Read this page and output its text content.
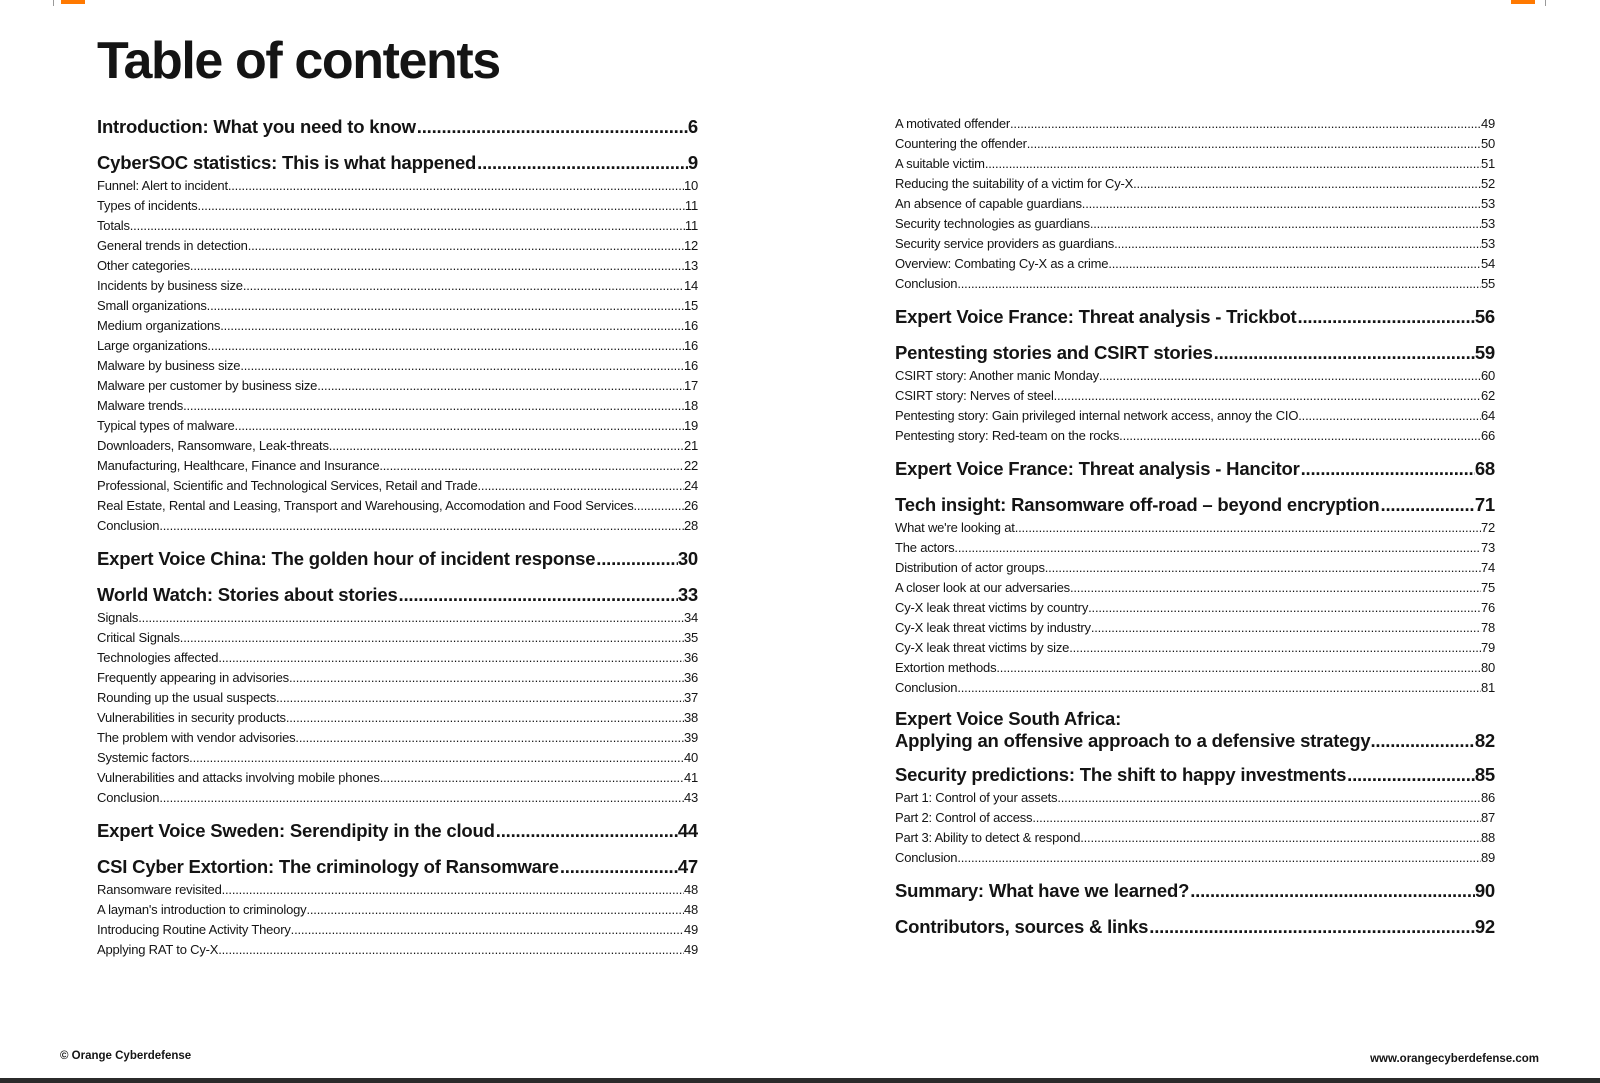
Table of contents
Introduction: What you need to know .....	6
CyberSOC statistics: This is what happened .....	9
Funnel: Alert to incident .....	10
Types of incidents .....	11
Totals .....	11
General trends in detection .....	12
Other categories .....	13
Incidents by business size .....	14
Small organizations .....	15
Medium organizations .....	16
Large organizations .....	16
Malware by business size .....	16
Malware per customer by business size .....	17
Malware trends .....	18
Typical types of malware .....	19
Downloaders, Ransomware, Leak-threats .....	21
Manufacturing, Healthcare, Finance and Insurance .....	22
Professional, Scientific and Technological Services, Retail and Trade .....	24
Real Estate, Rental and Leasing, Transport and Warehousing, Accomodation and Food Services .....	26
Conclusion .....	28
Expert Voice China: The golden hour of incident response .....	30
World Watch: Stories about stories .....	33
Signals .....	34
Critical Signals .....	35
Technologies affected .....	36
Frequently appearing in advisories .....	36
Rounding up the usual suspects .....	37
Vulnerabilities in security products .....	38
The problem with vendor advisories .....	39
Systemic factors .....	40
Vulnerabilities and attacks involving mobile phones .....	41
Conclusion .....	43
Expert Voice Sweden: Serendipity in the cloud .....	44
CSI Cyber Extortion: The criminology of Ransomware .....	47
Ransomware revisited .....	48
A layman's introduction to criminology .....	48
Introducing Routine Activity Theory .....	49
Applying RAT to Cy-X .....	49
A motivated offender .....	49
Countering the offender .....	50
A suitable victim .....	51
Reducing the suitability of a victim for Cy-X .....	52
An absence of capable guardians .....	53
Security technologies as guardians .....	53
Security service providers as guardians .....	53
Overview: Combating Cy-X as a crime .....	54
Conclusion .....	55
Expert Voice France: Threat analysis - Trickbot .....	56
Pentesting stories and CSIRT stories .....	59
CSIRT story: Another manic Monday .....	60
CSIRT story: Nerves of steel .....	62
Pentesting story: Gain privileged internal network access, annoy the CIO .....	64
Pentesting story: Red-team on the rocks .....	66
Expert Voice France: Threat analysis - Hancitor .....	68
Tech insight: Ransomware off-road – beyond encryption .....	71
What we're looking at .....	72
The actors .....	73
Distribution of actor groups .....	74
A closer look at our adversaries .....	75
Cy-X leak threat victims by country .....	76
Cy-X leak threat victims by industry .....	78
Cy-X leak threat victims by size .....	79
Extortion methods .....	80
Conclusion .....	81
Expert Voice South Africa:
Applying an offensive approach to a defensive strategy .....	82
Security predictions: The shift to happy investments .....	85
Part 1: Control of your assets .....	86
Part 2: Control of access .....	87
Part 3: Ability to detect & respond .....	88
Conclusion .....	89
Summary: What have we learned? .....	90
Contributors, sources & links .....	92
© Orange Cyberdefense	www.orangecyberdefense.com
